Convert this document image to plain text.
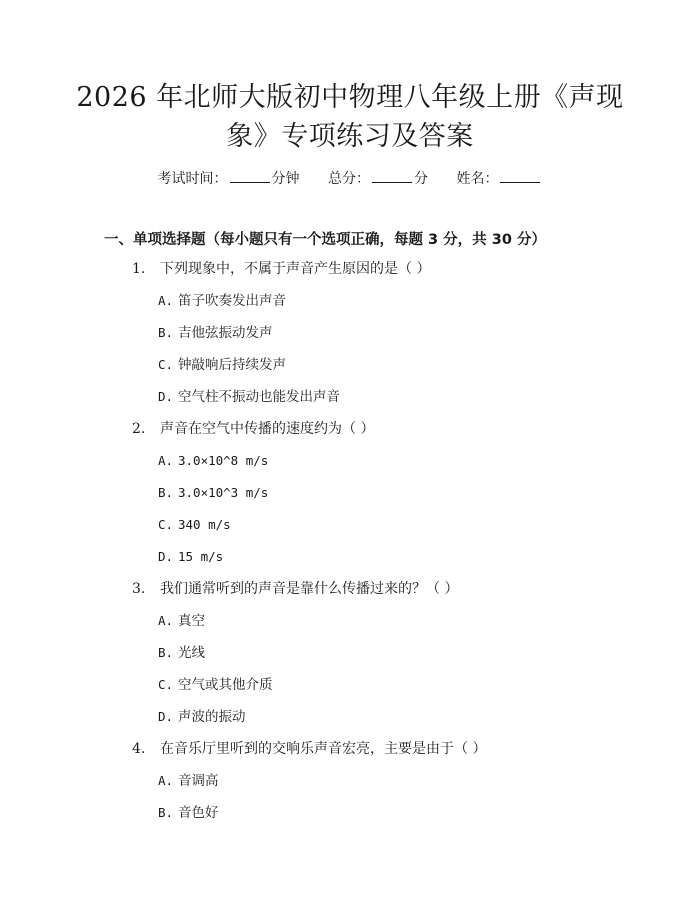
2026 年北师大版初中物理八年级上册《声现
象》专项练习及答案
考试时间：	分钟 总分：	分 姓名：
一、单项选择题（每小题只有一个选项正确，每题 3 分，共 30 分）
1. 下列现象中，不属于声音产生原因的是（ ）
A. 笛子吹奏发出声音
B. 吉他弦振动发声
C. 钟敲响后持续发声
D. 空气柱不振动也能发出声音
2. 声音在空气中传播的速度约为（ ）
A. 3.0×10^8 m/s
B. 3.0×10^3 m/s
C. 340 m/s
D. 15 m/s
3. 我们通常听到的声音是靠什么传播过来的？（ ）
A. 真空
B. 光线
C. 空气或其他介质
D. 声波的振动
4. 在音乐厅里听到的交响乐声音宏亮，主要是由于（ ）
A. 音调高
B. 音色好
